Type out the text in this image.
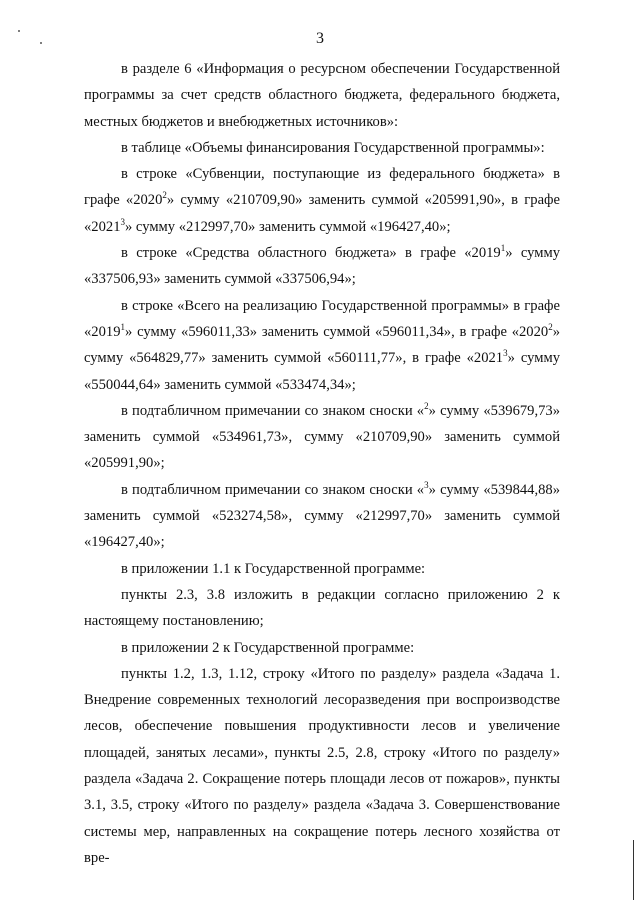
3

в разделе 6 «Информация о ресурсном обеспечении Государственной программы за счет средств областного бюджета, федерального бюджета, местных бюджетов и внебюджетных источников»:

в таблице «Объемы финансирования Государственной программы»:

в строке «Субвенции, поступающие из федерального бюджета» в графе «2020$^2$» сумму «210709,90» заменить суммой «205991,90», в графе «2021$^3$» сумму «212997,70» заменить суммой «196427,40»;

в строке «Средства областного бюджета» в графе «2019$^1$» сумму «337506,93» заменить суммой «337506,94»;

в строке «Всего на реализацию Государственной программы» в графе «2019$^1$» сумму «596011,33» заменить суммой «596011,34», в графе «2020$^2$» сумму «564829,77» заменить суммой «560111,77», в графе «2021$^3$» сумму «550044,64» заменить суммой «533474,34»;

в подтабличном примечании со знаком сноски «$^2$» сумму «539679,73» заменить суммой «534961,73», сумму «210709,90» заменить суммой «205991,90»;

в подтабличном примечании со знаком сноски «$^3$» сумму «539844,88» заменить суммой «523274,58», сумму «212997,70» заменить суммой «196427,40»;

в приложении 1.1 к Государственной программе:

пункты 2.3, 3.8 изложить в редакции согласно приложению 2 к настоящему постановлению;

в приложении 2 к Государственной программе:

пункты 1.2, 1.3, 1.12, строку «Итого по разделу» раздела «Задача 1. Внедрение современных технологий лесоразведения при воспроизводстве лесов, обеспечение повышения продуктивности лесов и увеличение площадей, занятых лесами», пункты 2.5, 2.8, строку «Итого по разделу» раздела «Задача 2. Сокращение потерь площади лесов от пожаров», пункты 3.1, 3.5, строку «Итого по разделу» раздела «Задача 3. Совершенствование системы мер, направленных на сокращение потерь лесного хозяйства от вре-
